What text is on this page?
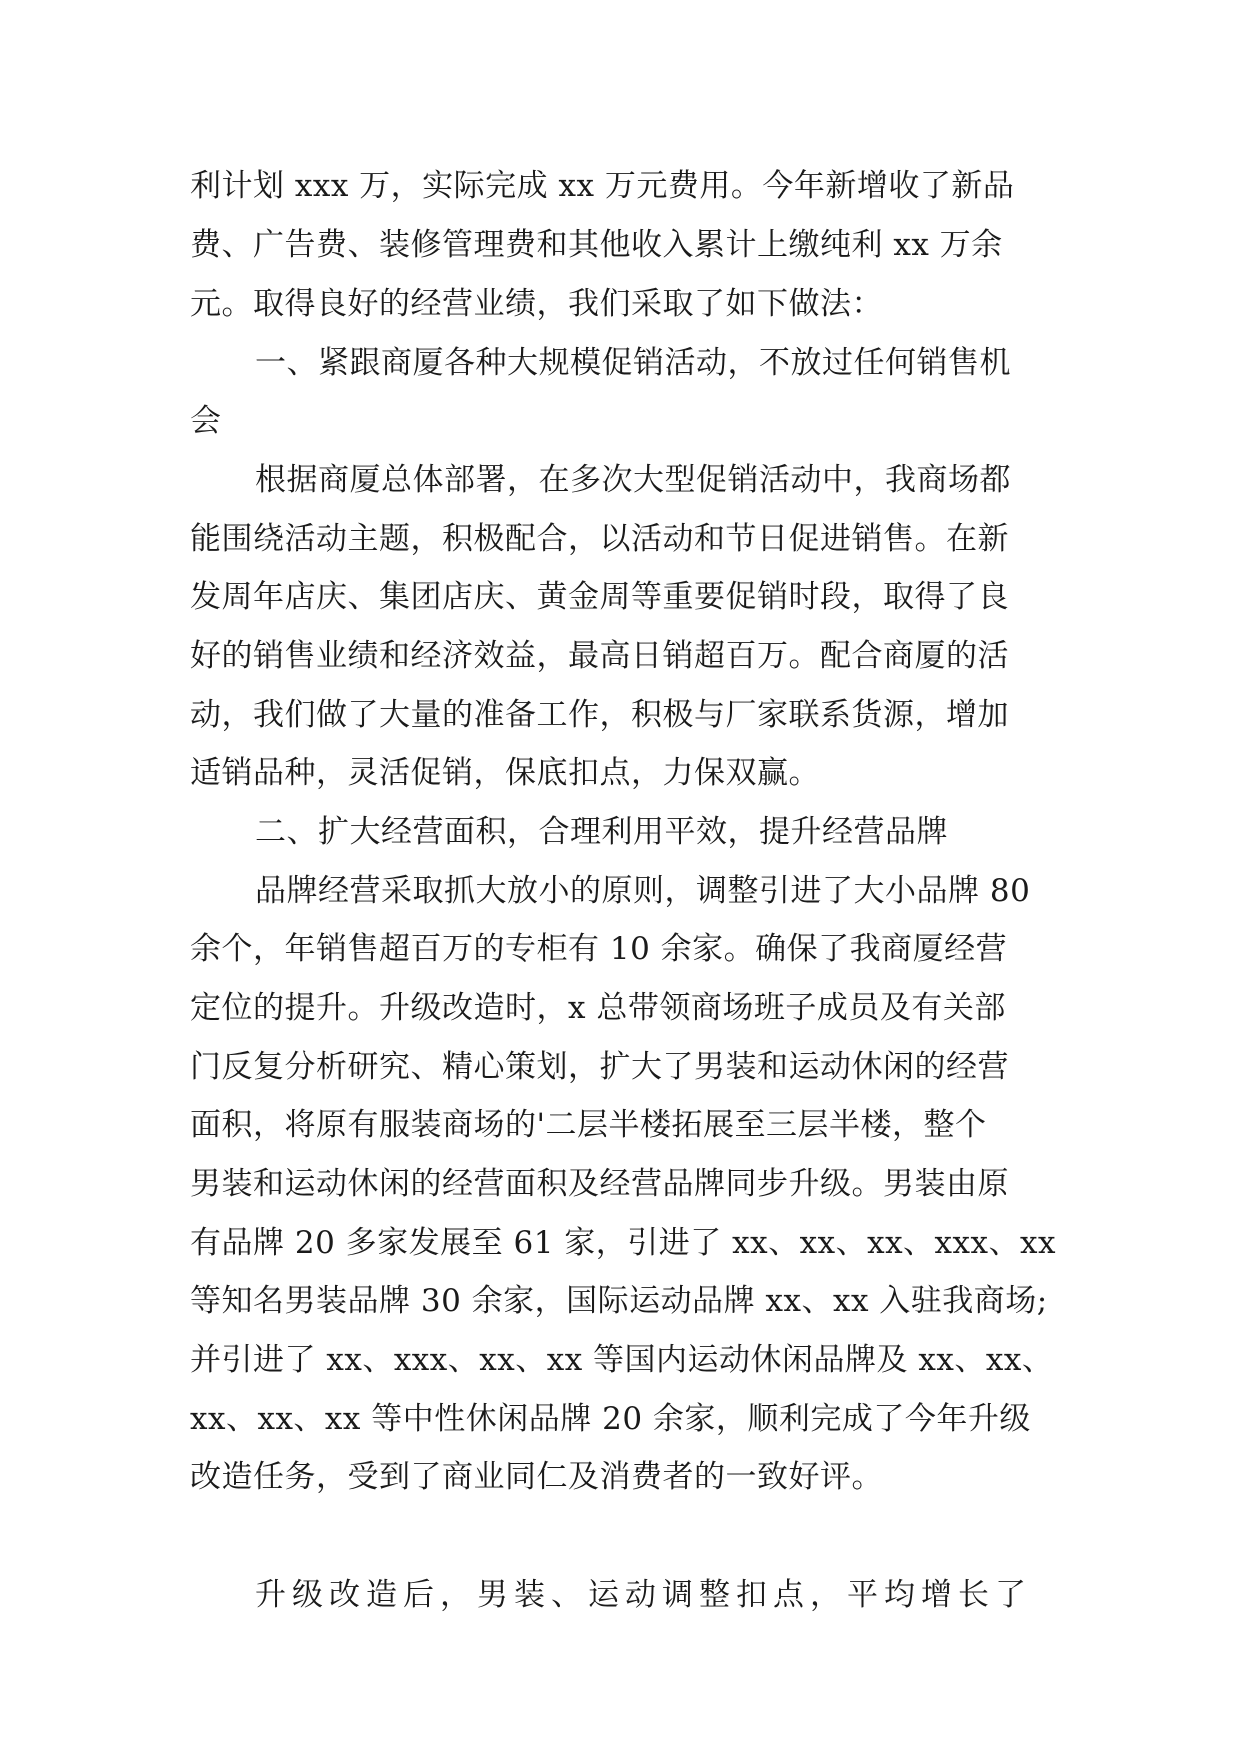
利计划 xxx 万，实际完成 xx 万元费用。今年新增收了新品
费、广告费、装修管理费和其他收入累计上缴纯利 xx 万余
元。取得良好的经营业绩，我们采取了如下做法：
一、紧跟商厦各种大规模促销活动，不放过任何销售机
会
根据商厦总体部署，在多次大型促销活动中，我商场都
能围绕活动主题，积极配合，以活动和节日促进销售。在新
发周年店庆、集团店庆、黄金周等重要促销时段，取得了良
好的销售业绩和经济效益，最高日销超百万。配合商厦的活
动，我们做了大量的准备工作，积极与厂家联系货源，增加
适销品种，灵活促销，保底扣点，力保双赢。
二、扩大经营面积，合理利用平效，提升经营品牌
品牌经营采取抓大放小的原则，调整引进了大小品牌 80
余个，年销售超百万的专柜有 10 余家。确保了我商厦经营
定位的提升。升级改造时，x 总带领商场班子成员及有关部
门反复分析研究、精心策划，扩大了男装和运动休闲的经营
面积，将原有服装商场的'二层半楼拓展至三层半楼，整个
男装和运动休闲的经营面积及经营品牌同步升级。男装由原
有品牌 20 多家发展至 61 家，引进了 xx、xx、xx、xxx、xx
等知名男装品牌 30 余家，国际运动品牌 xx、xx 入驻我商场;
并引进了 xx、xxx、xx、xx 等国内运动休闲品牌及 xx、xx、
xx、xx、xx 等中性休闲品牌 20 余家，顺利完成了今年升级
改造任务，受到了商业同仁及消费者的一致好评。
升级改造后，男装、运动调整扣点，平均增长了
